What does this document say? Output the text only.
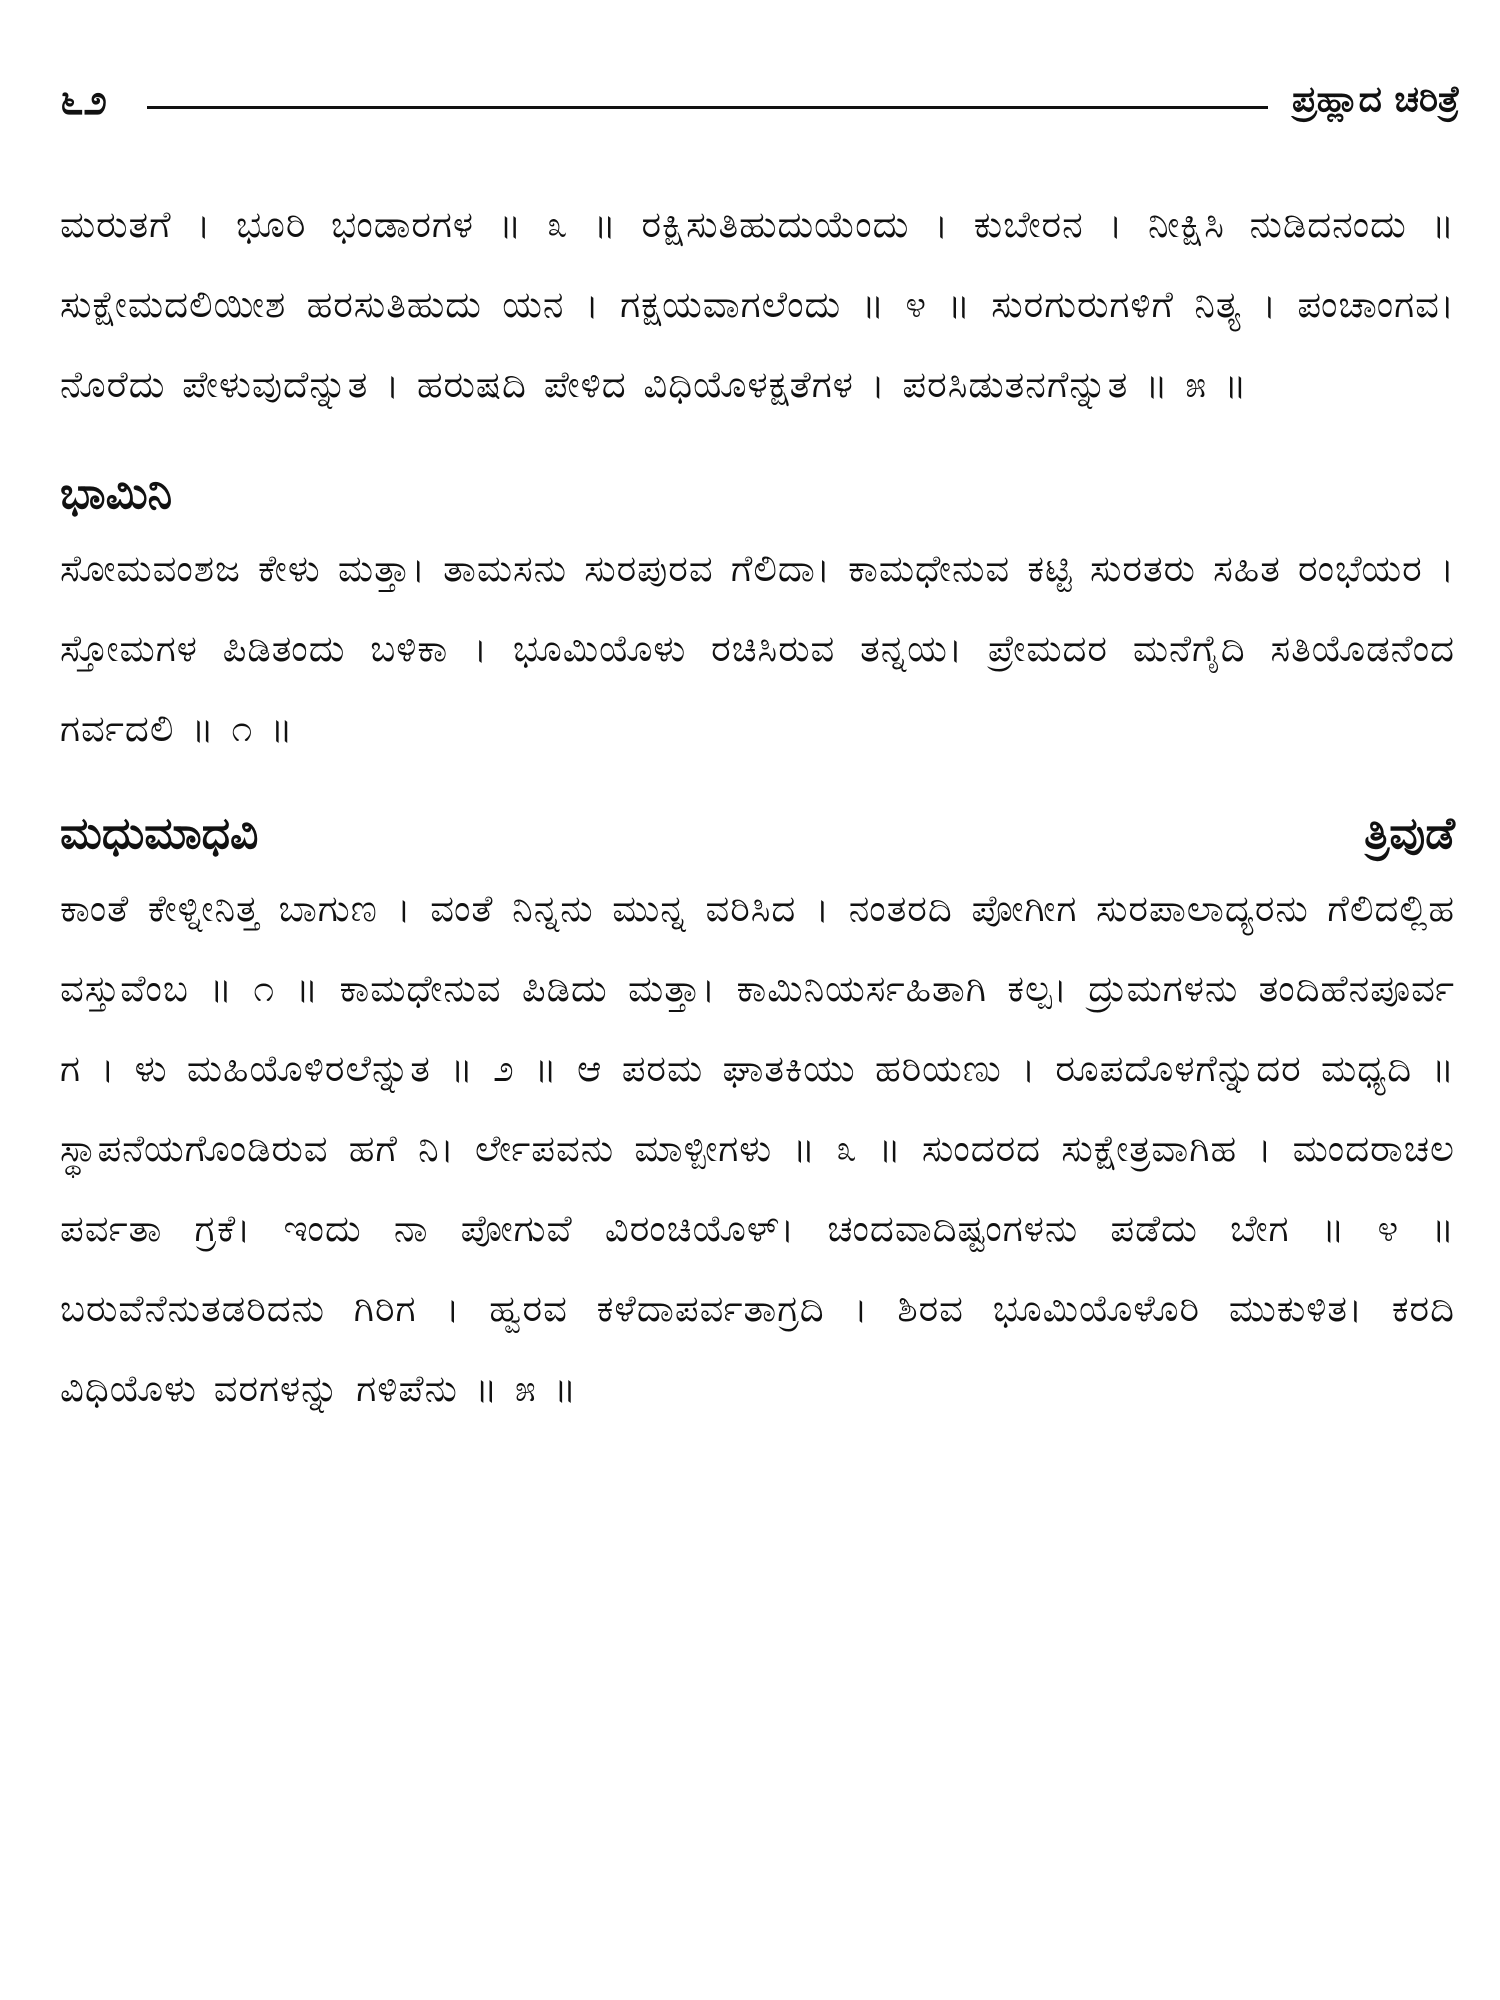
೬೨	ಪ್ರಹ್ಲಾದ ಚರಿತ್ರೆ

ಮರುತಗೆ । ಭೂರಿ ಭಂಡಾರಗಳ ॥ ೩ ॥ ರಕ್ಷಿಸುತಿಹುದುಯೆಂದು । ಕುಬೇರನ । ನೀಕ್ಷಿಸಿ ನುಡಿದನಂದು ॥ ಸುಕ್ಷೇಮದಲಿಯೀಶ ಹರಸುತಿಹುದು ಯನ । ಗಕ್ಷಯವಾಗಲೆಂದು ॥ ೪ ॥ ಸುರಗುರುಗಳಿಗೆ ನಿತ್ಯ । ಪಂಚಾಂಗವ। ನೊರೆದು ಪೇಳುವುದೆನ್ನುತ । ಹರುಷದಿ ಪೇಳಿದ ವಿಧಿಯೊಳಕ್ಷತೆಗಳ । ಪರಸಿಡುತನಗೆನ್ನುತ ॥ ೫ ॥

ಭಾಮಿನಿ

ಸೋಮವಂಶಜ ಕೇಳು ಮತ್ತಾ। ತಾಮಸನು ಸುರಪುರವ ಗೆಲಿದಾ। ಕಾಮಧೇನುವ ಕಟ್ಟಿ ಸುರತರು ಸಹಿತ ರಂಭೆಯರ । ಸ್ತೋಮಗಳ ಪಿಡಿತಂದು ಬಳಿಕಾ । ಭೂಮಿಯೊಳು ರಚಿಸಿರುವ ತನ್ನಯ। ಪ್ರೇಮದರ ಮನೆಗೈದಿ ಸತಿಯೊಡನೆಂದ ಗರ್ವದಲಿ ॥ ೧ ॥

ಮಧುಮಾಧವಿ	ತ್ರಿವುಡೆ

ಕಾಂತೆ ಕೇಳ್ನೀನಿತ್ತ ಬಾಗುಣ । ವಂತೆ ನಿನ್ನನು ಮುನ್ನ ವರಿಸಿದ । ನಂತರದಿ ಪೋಗೀಗ ಸುರಪಾಲಾದ್ಯರನು ಗೆಲಿದಲ್ಲಿಹ ವಸ್ತುವೆಂಬ ॥ ೧ ॥ ಕಾಮಧೇನುವ ಪಿಡಿದು ಮತ್ತಾ। ಕಾಮಿನಿಯರ್ಸಹಿತಾಗಿ ಕಲ್ಪ। ದ್ರುಮಗಳನು ತಂದಿಹೆನಪೂರ್ವ ಗ । ಳು ಮಹಿಯೊಳಿರಲೆನ್ನುತ ॥ ೨ ॥ ಆ ಪರಮ ಘಾತಕಿಯು ಹರಿಯಣು । ರೂಪದೊಳಗೆನ್ನುದರ ಮಧ್ಯದಿ ॥ ಸ್ಥಾಪನೆಯಗೊಂಡಿರುವ ಹಗೆ ನಿ। ರ್ಲೇಪವನು ಮಾಳ್ಪೀಗಳು ॥ ೩ ॥ ಸುಂದರದ ಸುಕ್ಷೇತ್ರವಾಗಿಹ । ಮಂದರಾಚಲ ಪರ್ವತಾ ಗ್ರಕೆ। ಇಂದು ನಾ ಪೋಗುವೆ ವಿರಂಚಿಯೊಳ್। ಚಂದವಾದಿಷ್ಟಂಗಳನು ಪಡೆದು ಬೇಗ ॥ ೪ ॥ ಬರುವೆನೆನುತಡರಿದನು ಗಿರಿಗ । ಹ್ವರವ ಕಳೆದಾಪರ್ವತಾಗ್ರದಿ । ಶಿರವ ಭೂಮಿಯೊಳೊರಿ ಮುಕುಳಿತ। ಕರದಿ ವಿಧಿಯೊಳು ವರಗಳನ್ನು ಗಳಿಪೆನು ॥ ೫ ॥
